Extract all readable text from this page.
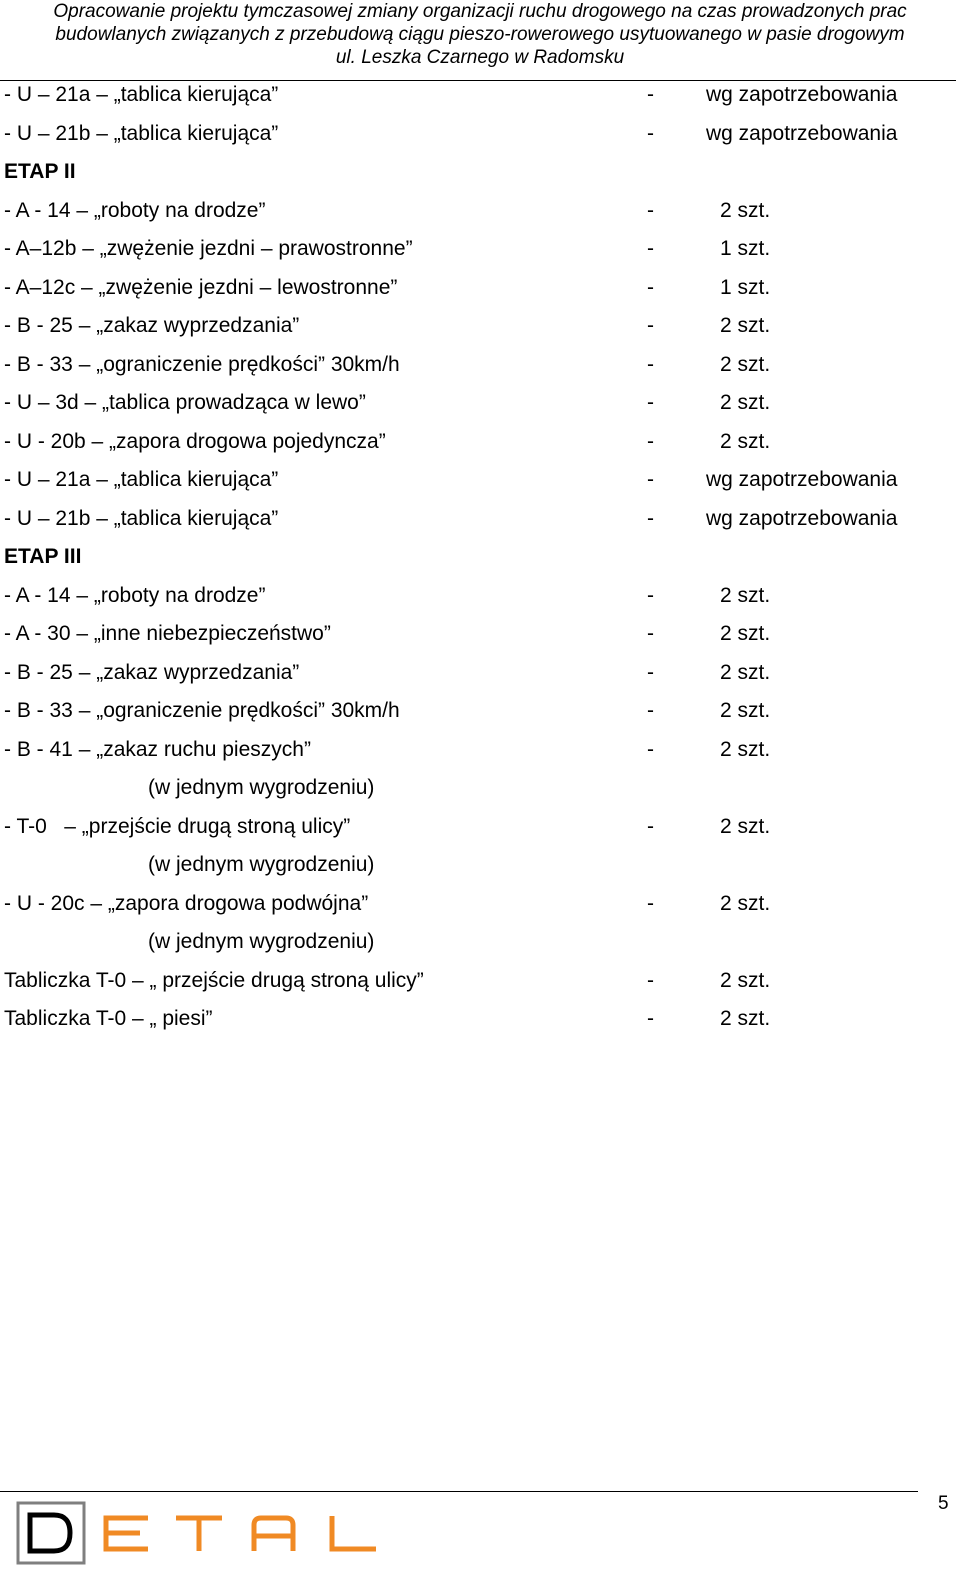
Opracowanie projektu tymczasowej zmiany organizacji ruchu drogowego na czas prowadzonych prac
budowlanych związanych z przebudową ciągu pieszo-rowerowego usytuowanego w pasie drogowym
ul. Leszka Czarnego w Radomsku
- U – 21a – „tablica kierująca”	- wg zapotrzebowania
- U – 21b – „tablica kierująca”	- wg zapotrzebowania
ETAP II
- A - 14 – „roboty na drodze”	-	2 szt.
- A–12b – „zwężenie jezdni – prawostronne”	-	1 szt.
- A–12c – „zwężenie jezdni – lewostronne”	-	1 szt.
- B - 25 – „zakaz wyprzedzania”	-	2 szt.
- B - 33 – „ograniczenie prędkości” 30km/h	-	2 szt.
- U – 3d – „tablica prowadząca w lewo”	-	2 szt.
- U - 20b – „zapora drogowa pojedyncza”	-	2 szt.
- U – 21a – „tablica kierująca”	- wg zapotrzebowania
- U – 21b – „tablica kierująca”	- wg zapotrzebowania
ETAP III
- A - 14 – „roboty na drodze”	-	2 szt.
- A - 30 – „inne niebezpieczeństwo”	-	2 szt.
- B - 25 – „zakaz wyprzedzania”	-	2 szt.
- B - 33 – „ograniczenie prędkości” 30km/h	-	2 szt.
- B - 41 – „zakaz ruchu pieszych”	-	2 szt.
(w jednym wygrodzeniu)
- T-0   – „przejście drugą stroną ulicy”	-	2 szt.
(w jednym wygrodzeniu)
- U - 20c – „zapora drogowa podwójna”	-	2 szt.
(w jednym wygrodzeniu)
Tabliczka T-0 – „ przejście drugą stroną ulicy”	-	2 szt.
Tabliczka T-0 – „ piesi”	-	2 szt.
5
